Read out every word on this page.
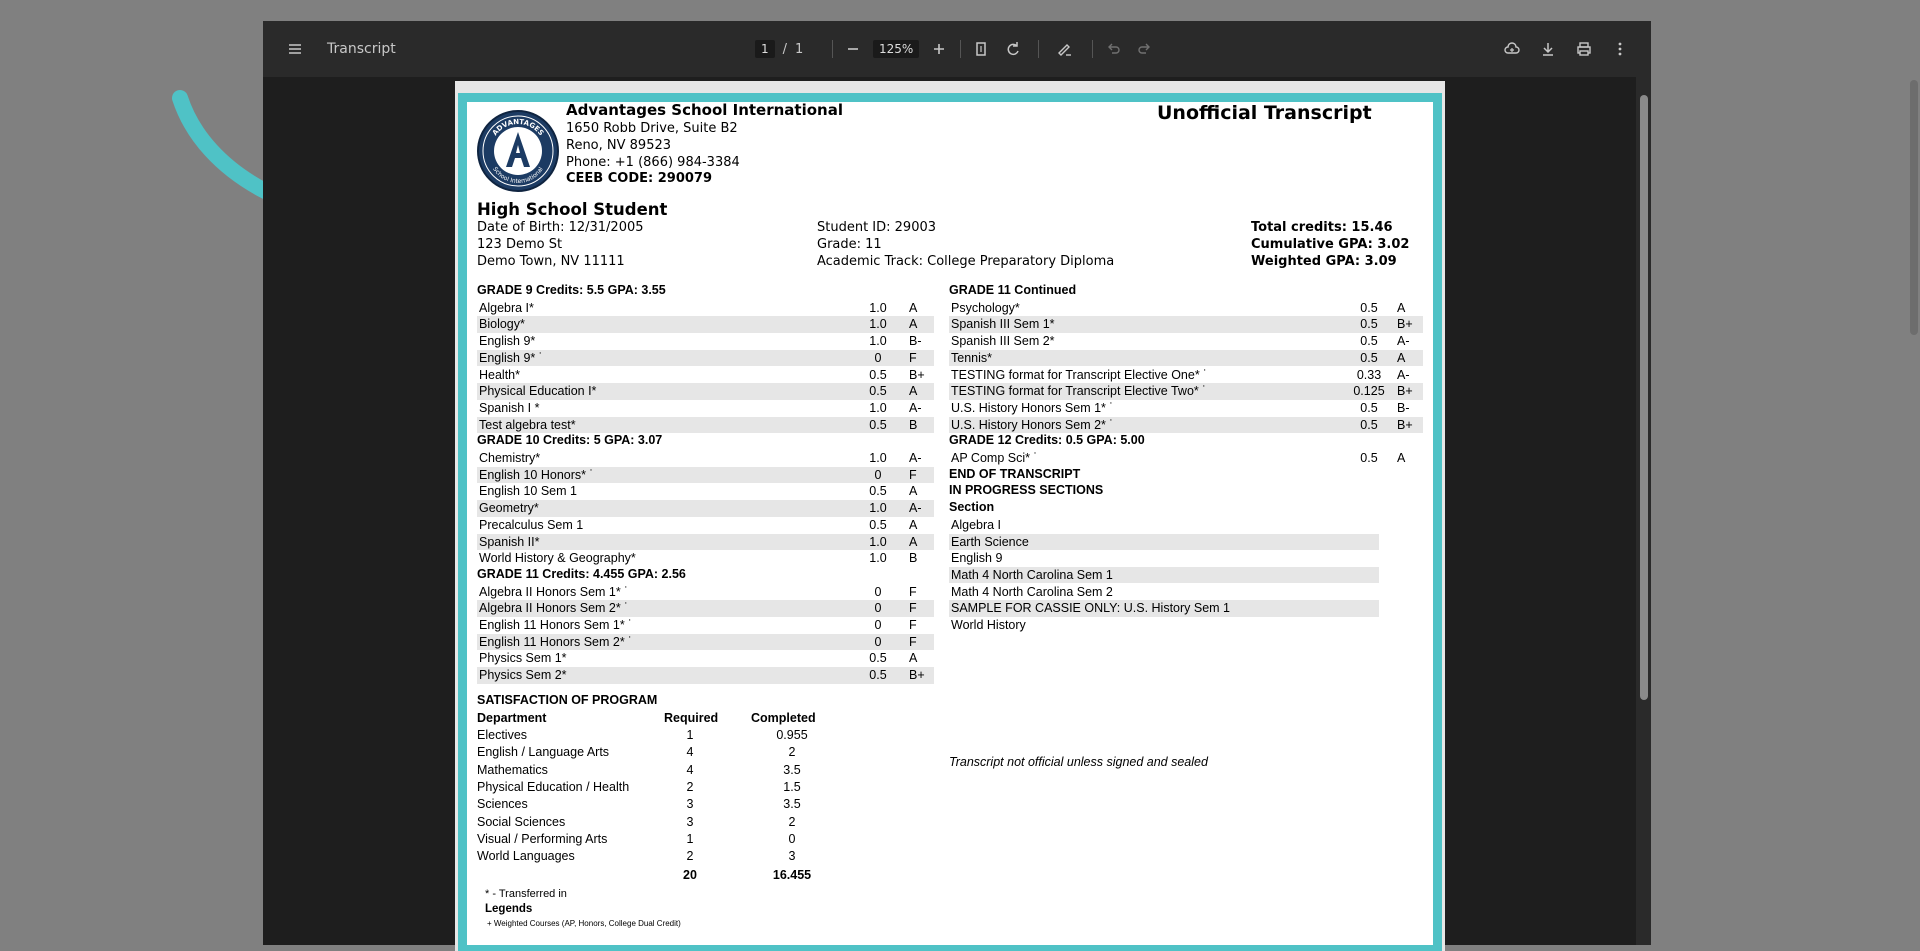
Transcript	1	/ 1	125%
ADVANTAGES
School International
Advantages School International
1650 Robb Drive, Suite B2
Reno, NV 89523
Phone: +1 (866) 984-3384
CEEB CODE: 290079
Unofficial Transcript
High School Student
Date of Birth: 12/31/2005
123 Demo St
Demo Town, NV 11111
Student ID: 29003
Grade: 11
Academic Track: College Preparatory Diploma
Total credits: 15.46
Cumulative GPA: 3.02
Weighted GPA: 3.09
GRADE 9 Credits: 5.5 GPA: 3.55
Algebra I*	1.0	A
Biology*	1.0	A
English 9*	1.0	B-
English 9* ˙	0	F
Health*	0.5	B+
Physical Education I*	0.5	A
Spanish I *	1.0	A-
Test algebra test*	0.5	B
GRADE 10 Credits: 5 GPA: 3.07
Chemistry*	1.0	A-
English 10 Honors* ˙	0	F
English 10 Sem 1	0.5	A
Geometry*	1.0	A-
Precalculus Sem 1	0.5	A
Spanish II*	1.0	A
World History & Geography*	1.0	B
GRADE 11 Credits: 4.455 GPA: 2.56
Algebra II Honors Sem 1* ˙	0	F
Algebra II Honors Sem 2* ˙	0	F
English 11 Honors Sem 1* ˙	0	F
English 11 Honors Sem 2* ˙	0	F
Physics Sem 1*	0.5	A
Physics Sem 2*	0.5	B+
GRADE 11 Continued
Psychology*	0.5	A
Spanish III Sem 1*	0.5	B+
Spanish III Sem 2*	0.5	A-
Tennis*	0.5	A
TESTING format for Transcript Elective One* ˙	0.33	A-
TESTING format for Transcript Elective Two* ˙	0.125 B+
U.S. History Honors Sem 1* ˙	0.5	B-
U.S. History Honors Sem 2* ˙	0.5	B+
GRADE 12 Credits: 0.5 GPA: 5.00
AP Comp Sci* ˙	0.5	A
END OF TRANSCRIPT
IN PROGRESS SECTIONS
Section
Algebra I
Earth Science
English 9
Math 4 North Carolina Sem 1
Math 4 North Carolina Sem 2
SAMPLE FOR CASSIE ONLY: U.S. History Sem 1
World History
SATISFACTION OF PROGRAM
Department	Required	Completed
Electives	1	0.955
English / Language Arts	4	2
Mathematics	4	3.5
Physical Education / Health	2	1.5
Sciences	3	3.5
Social Sciences	3	2
Visual / Performing Arts	1	0
World Languages	2	3
20	16.455
Transcript not official unless signed and sealed
* - Transferred in
Legends
+ Weighted Courses (AP, Honors, College Dual Credit)
